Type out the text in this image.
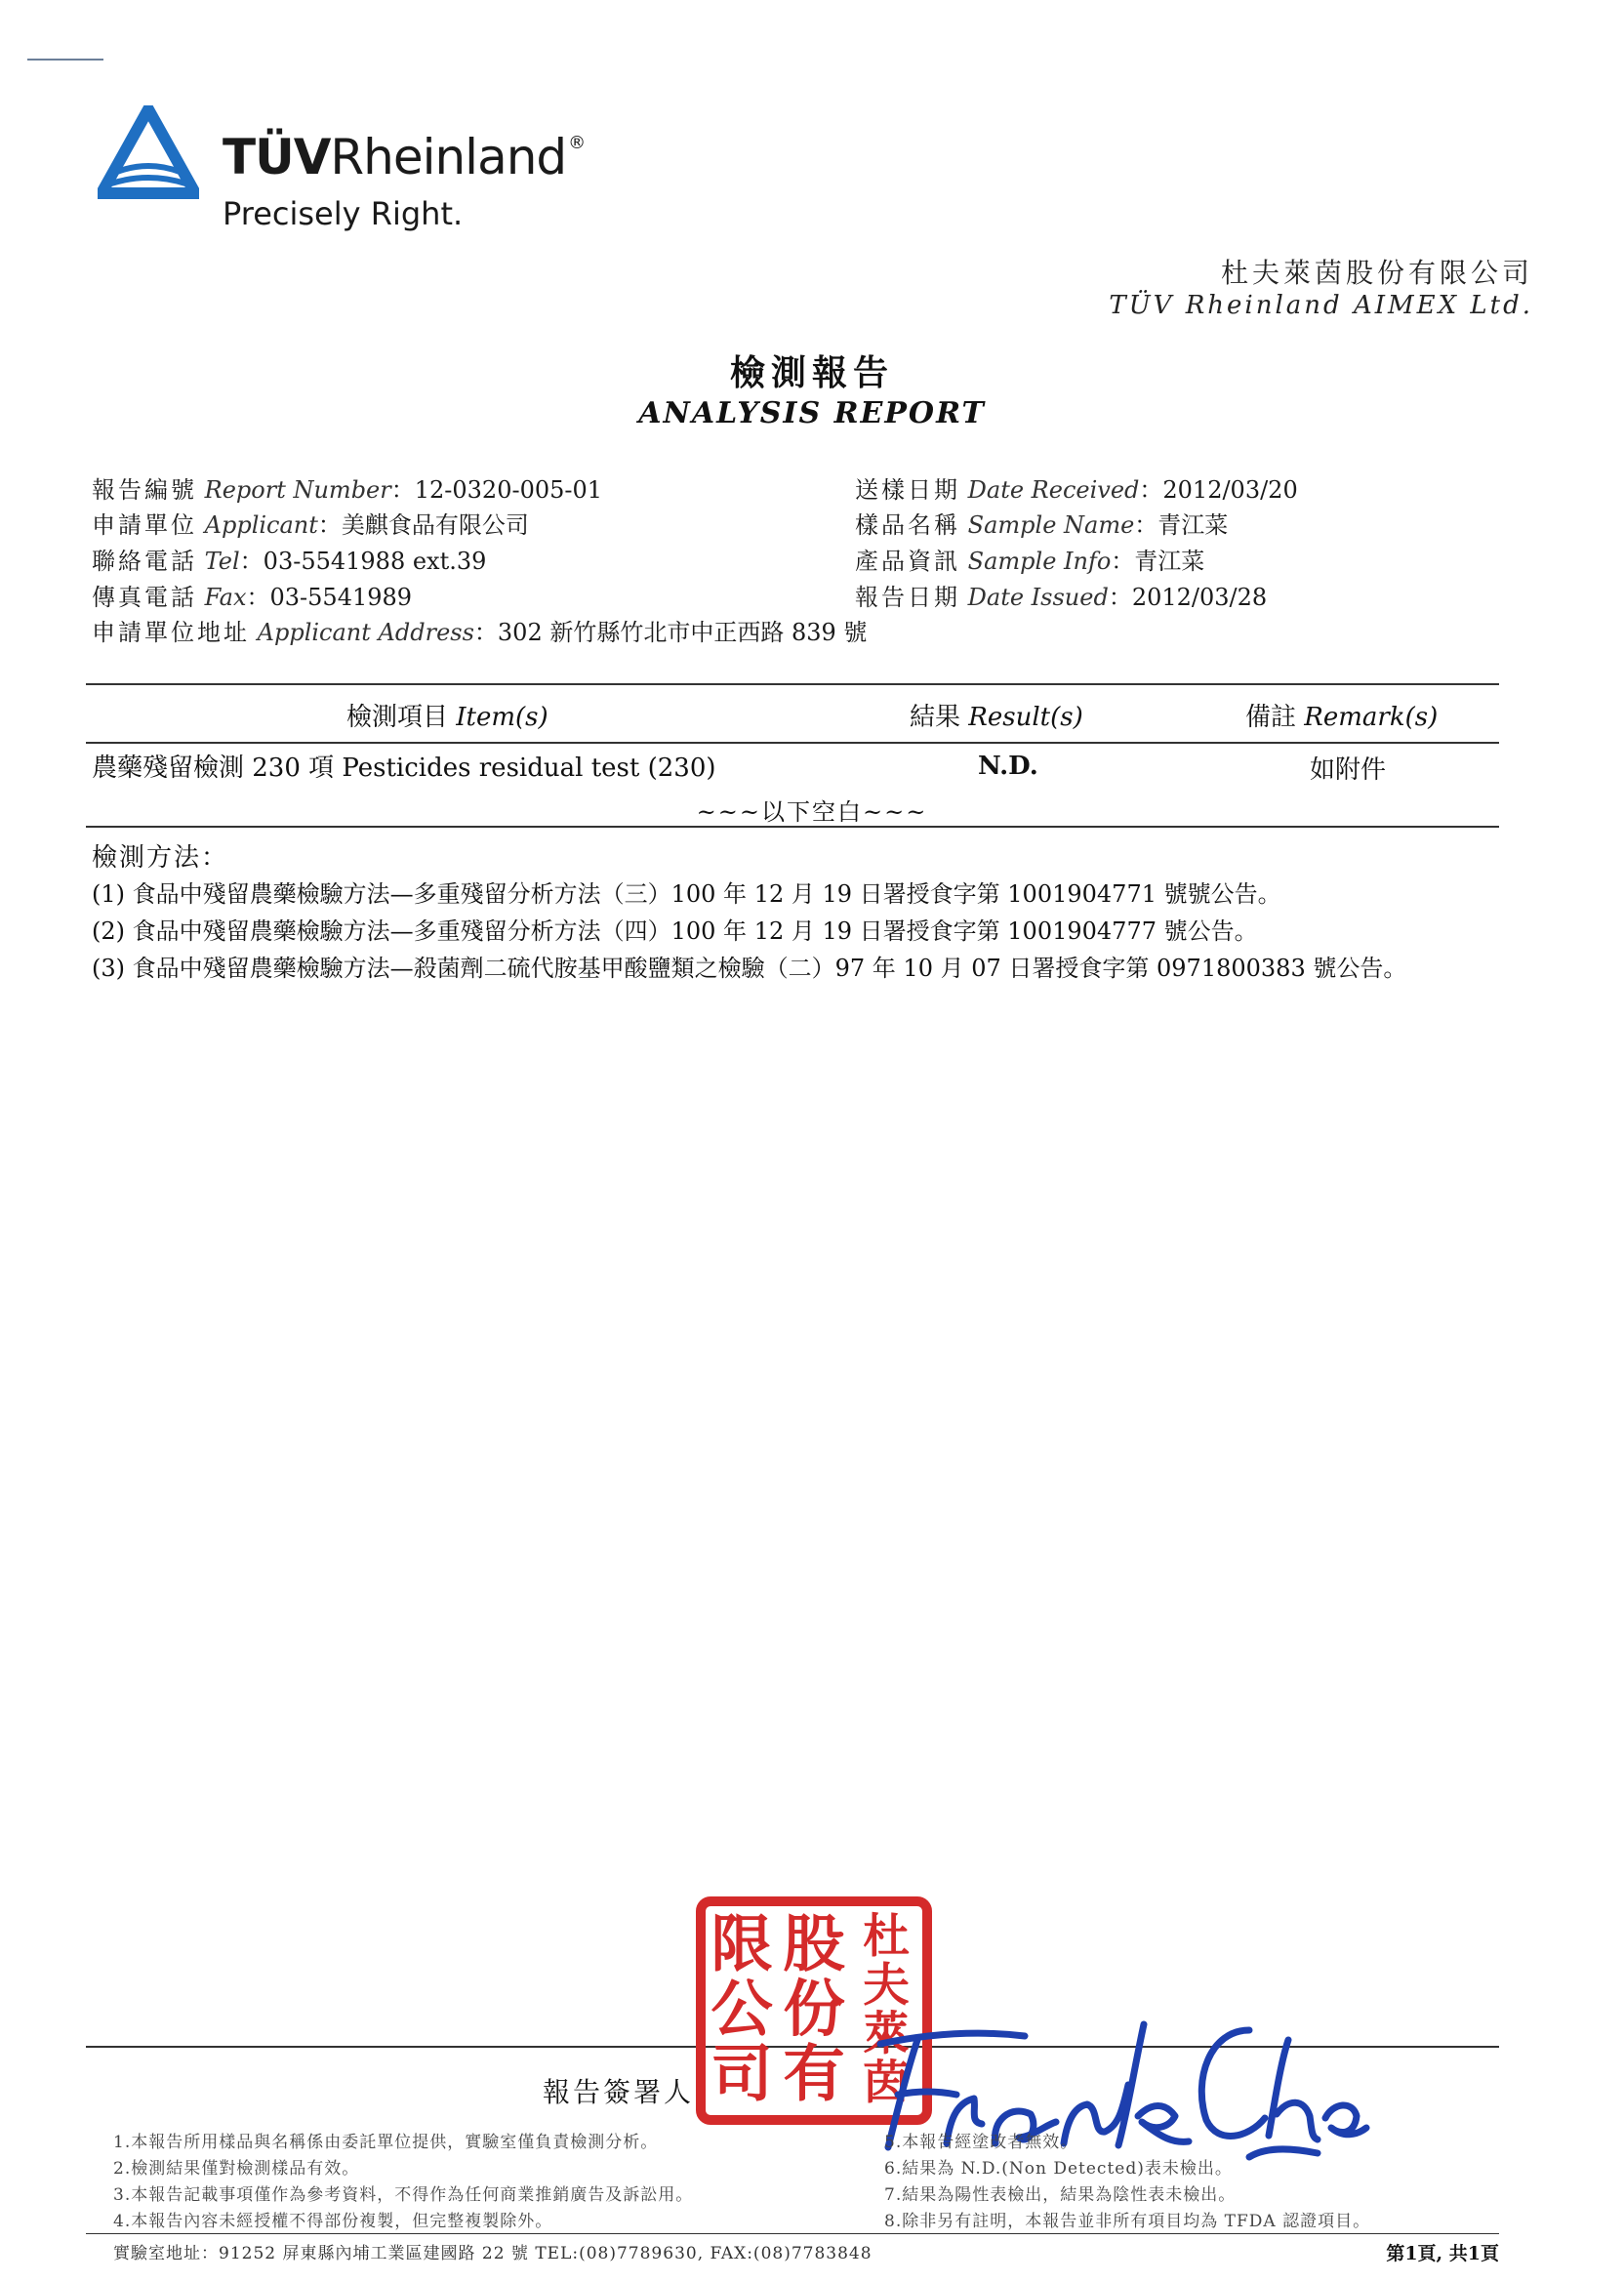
TÜVRheinland ®
Precisely Right.
杜夫萊茵股份有限公司
TÜV Rheinland AIMEX Ltd.
檢測報告
ANALYSIS REPORT
報告編號 Report Number：12-0320-005-01
申請單位 Applicant：美麒食品有限公司
聯絡電話 Tel：03-5541988 ext.39
傳真電話 Fax：03-5541989
申請單位地址 Applicant Address：302 新竹縣竹北市中正西路 839 號
送樣日期 Date Received：2012/03/20
樣品名稱 Sample Name：青江菜
產品資訊 Sample Info：青江菜
報告日期 Date Issued：2012/03/28
檢測項目 Item(s)	結果 Result(s)	備註 Remark(s)
農藥殘留檢測 230 項 Pesticides residual test (230)	N.D.	如附件
~~~以下空白~~~
檢測方法：
(1) 食品中殘留農藥檢驗方法—多重殘留分析方法（三）100 年 12 月 19 日署授食字第 1001904771 號號公告。
(2) 食品中殘留農藥檢驗方法—多重殘留分析方法（四）100 年 12 月 19 日署授食字第 1001904777 號公告。
(3) 食品中殘留農藥檢驗方法—殺菌劑二硫代胺基甲酸鹽類之檢驗（二）97 年 10 月 07 日署授食字第 0971800383 號公告。
杜
夫
萊
茵
股
份
有
限
公
司
報告簽署人
1.本報告所用樣品與名稱係由委託單位提供，實驗室僅負責檢測分析。
2.檢測結果僅對檢測樣品有效。
3.本報告記載事項僅作為參考資料，不得作為任何商業推銷廣告及訴訟用。
4.本報告內容未經授權不得部份複製，但完整複製除外。
5.本報告經塗改者無效。
6.結果為 N.D.(Non Detected)表未檢出。
7.結果為陽性表檢出，結果為陰性表未檢出。
8.除非另有註明，本報告並非所有項目均為 TFDA 認證項目。
實驗室地址：91252 屏東縣內埔工業區建國路 22 號 TEL:(08)7789630, FAX:(08)7783848	第1頁, 共1頁
